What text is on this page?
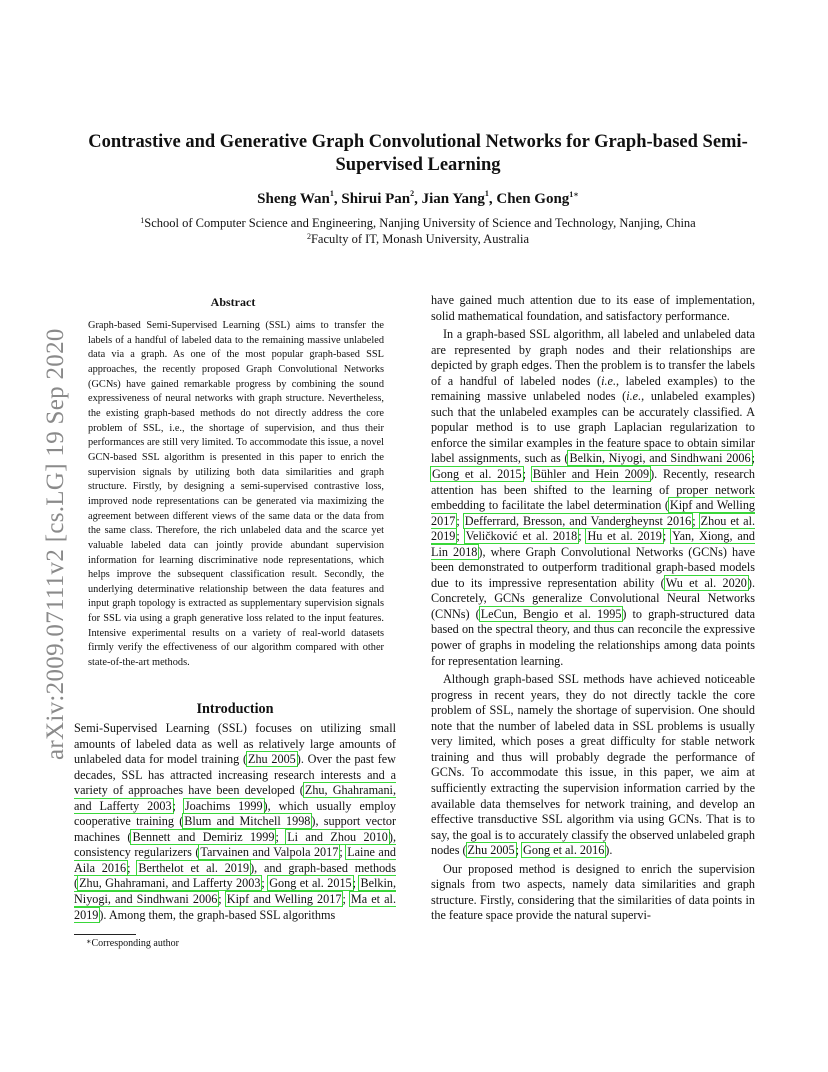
arXiv:2009.07111v2 [cs.LG] 19 Sep 2020
Contrastive and Generative Graph Convolutional Networks for Graph-based Semi-Supervised Learning
Sheng Wan$^1$, Shirui Pan$^2$, Jian Yang$^1$, Chen Gong$^{1∗}$
$^1$School of Computer Science and Engineering, Nanjing University of Science and Technology, Nanjing, China
$^2$Faculty of IT, Monash University, Australia
Abstract
Graph-based Semi-Supervised Learning (SSL) aims to transfer the labels of a handful of labeled data to the remaining massive unlabeled data via a graph. As one of the most popular graph-based SSL approaches, the recently proposed Graph Convolutional Networks (GCNs) have gained remarkable progress by combining the sound expressiveness of neural networks with graph structure. Nevertheless, the existing graph-based methods do not directly address the core problem of SSL, i.e., the shortage of supervision, and thus their performances are still very limited. To accommodate this issue, a novel GCN-based SSL algorithm is presented in this paper to enrich the supervision signals by utilizing both data similarities and graph structure. Firstly, by designing a semi-supervised contrastive loss, improved node representations can be generated via maximizing the agreement between different views of the same data or the data from the same class. Therefore, the rich unlabeled data and the scarce yet valuable labeled data can jointly provide abundant supervision information for learning discriminative node representations, which helps improve the subsequent classification result. Secondly, the underlying determinative relationship between the data features and input graph topology is extracted as supplementary supervision signals for SSL via using a graph generative loss related to the input features. Intensive experimental results on a variety of real-world datasets firmly verify the effectiveness of our algorithm compared with other state-of-the-art methods.
Introduction
Semi-Supervised Learning (SSL) focuses on utilizing small amounts of labeled data as well as relatively large amounts of unlabeled data for model training (Zhu 2005). Over the past few decades, SSL has attracted increasing research interests and a variety of approaches have been developed (Zhu, Ghahramani, and Lafferty 2003; Joachims 1999), which usually employ cooperative training (Blum and Mitchell 1998), support vector machines (Bennett and Demiriz 1999; Li and Zhou 2010), consistency regularizers (Tarvainen and Valpola 2017; Laine and Aila 2016; Berthelot et al. 2019), and graph-based methods (Zhu, Ghahramani, and Lafferty 2003; Gong et al. 2015; Belkin, Niyogi, and Sindhwani 2006; Kipf and Welling 2017; Ma et al. 2019). Among them, the graph-based SSL algorithms

have gained much attention due to its ease of implementation, solid mathematical foundation, and satisfactory performance.

In a graph-based SSL algorithm, all labeled and unlabeled data are represented by graph nodes and their relationships are depicted by graph edges. Then the problem is to transfer the labels of a handful of labeled nodes (i.e., labeled examples) to the remaining massive unlabeled nodes (i.e., unlabeled examples) such that the unlabeled examples can be accurately classified. A popular method is to use graph Laplacian regularization to enforce the similar examples in the feature space to obtain similar label assignments, such as (Belkin, Niyogi, and Sindhwani 2006; Gong et al. 2015; Bühler and Hein 2009). Recently, research attention has been shifted to the learning of proper network embedding to facilitate the label determination (Kipf and Welling 2017; Defferrard, Bresson, and Vandergheynst 2016; Zhou et al. 2019; Veličković et al. 2018; Hu et al. 2019; Yan, Xiong, and Lin 2018), where Graph Convolutional Networks (GCNs) have been demonstrated to outperform traditional graph-based models due to its impressive representation ability (Wu et al. 2020). Concretely, GCNs generalize Convolutional Neural Networks (CNNs) (LeCun, Bengio et al. 1995) to graph-structured data based on the spectral theory, and thus can reconcile the expressive power of graphs in modeling the relationships among data points for representation learning.

Although graph-based SSL methods have achieved noticeable progress in recent years, they do not directly tackle the core problem of SSL, namely the shortage of supervision. One should note that the number of labeled data in SSL problems is usually very limited, which poses a great difficulty for stable network training and thus will probably degrade the performance of GCNs. To accommodate this issue, in this paper, we aim at sufficiently extracting the supervision information carried by the available data themselves for network training, and develop an effective transductive SSL algorithm via using GCNs. That is to say, the goal is to accurately classify the observed unlabeled graph nodes (Zhu 2005; Gong et al. 2016).

Our proposed method is designed to enrich the supervision signals from two aspects, namely data similarities and graph structure. Firstly, considering that the similarities of data points in the feature space provide the natural supervi-

∗Corresponding author
